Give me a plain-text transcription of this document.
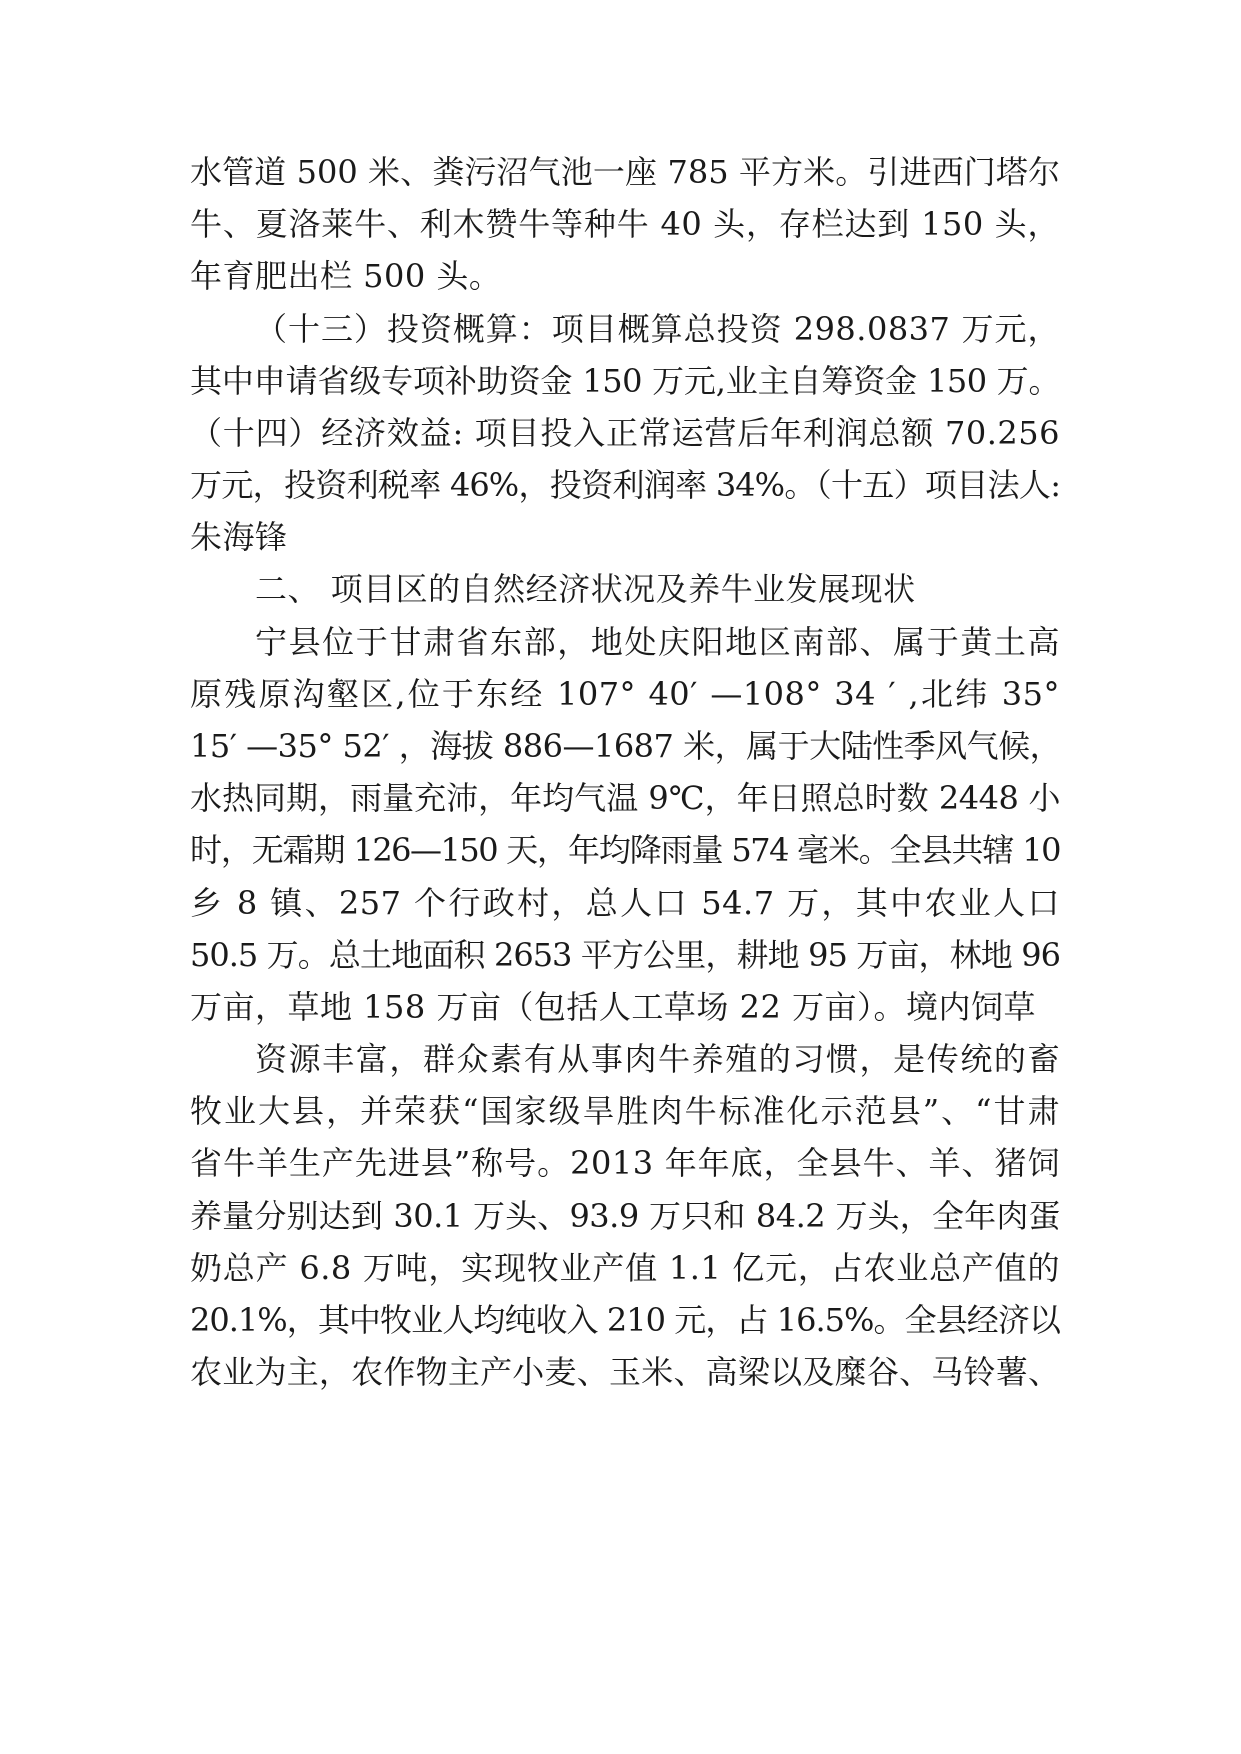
水管道 500 米、粪污沼气池一座 785 平方米。引进西门塔尔
牛、夏洛莱牛、利木赞牛等种牛 40 头，存栏达到 150 头，
年育肥出栏 500 头。
（十三）投资概算：项目概算总投资 298.0837 万元，
其中申请省级专项补助资金 150 万元,业主自筹资金 150 万。
（十四）经济效益: 项目投入正常运营后年利润总额 70.256
万元，投资利税率 46%，投资利润率 34%。（十五）项目法人:
朱海锋
二、 项目区的自然经济状况及养牛业发展现状
宁县位于甘肃省东部，地处庆阳地区南部、属于黄土高
原残原沟壑区,位于东经 107° 40′ —108° 34 ′ ,北纬 35°
15′ —35° 52′ ，海拔 886—1687 米，属于大陆性季风气候，
水热同期，雨量充沛，年均气温 9℃，年日照总时数 2448 小
时，无霜期 126—150 天，年均降雨量 574 毫米。全县共辖 10
乡 8 镇、257 个行政村，总人口 54.7 万，其中农业人口
50.5 万。总土地面积 2653 平方公里，耕地 95 万亩，林地 96
万亩，草地 158 万亩（包括人工草场 22 万亩）。境内饲草
资源丰富，群众素有从事肉牛养殖的习惯，是传统的畜
牧业大县，并荣获“国家级旱胜肉牛标准化示范县”、“甘肃
省牛羊生产先进县”称号。2013 年年底，全县牛、羊、猪饲
养量分别达到 30.1 万头、93.9 万只和 84.2 万头，全年肉蛋
奶总产 6.8 万吨，实现牧业产值 1.1 亿元，占农业总产值的
20.1%，其中牧业人均纯收入 210 元，占 16.5%。全县经济以
农业为主，农作物主产小麦、玉米、高梁以及糜谷、马铃薯、
